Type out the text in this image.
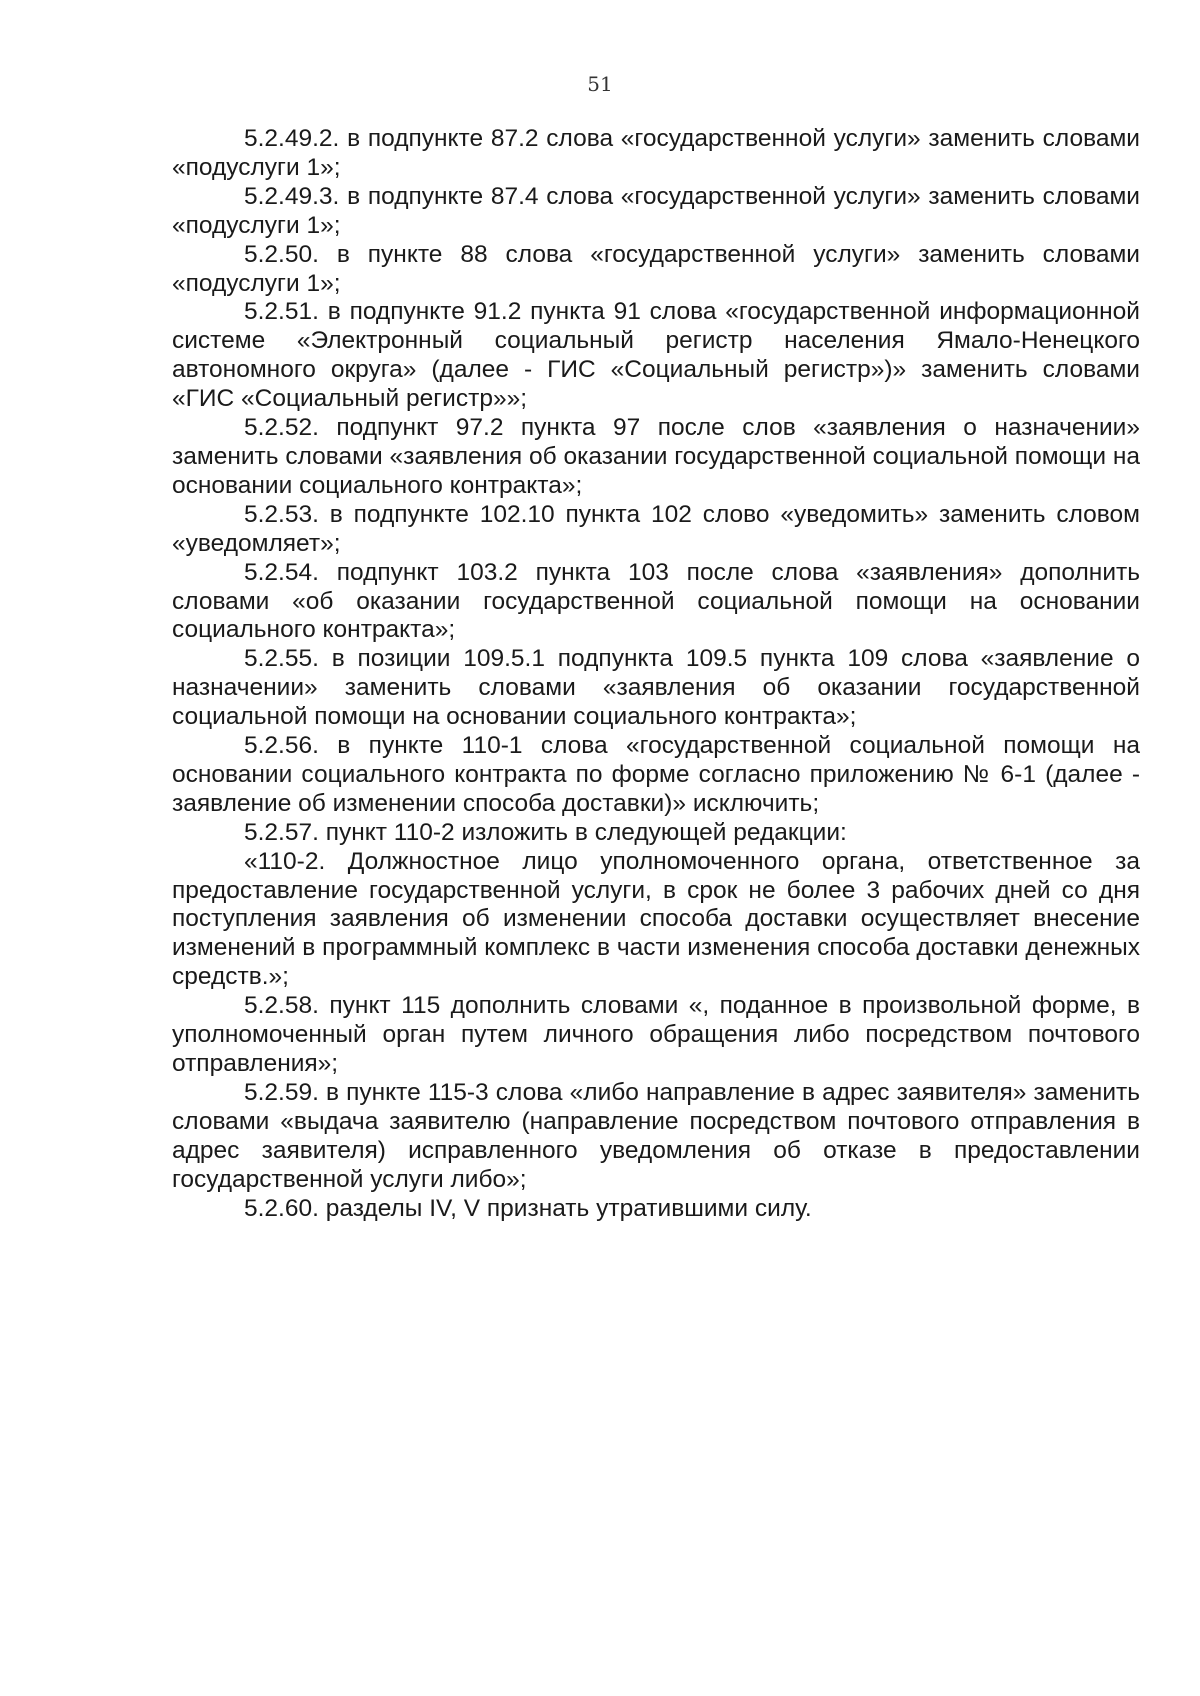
51

5.2.49.2. в подпункте 87.2 слова «государственной услуги» заменить словами «подуслуги 1»;

5.2.49.3. в подпункте 87.4 слова «государственной услуги» заменить словами «подуслуги 1»;

5.2.50. в пункте 88 слова «государственной услуги» заменить словами «подуслуги 1»;

5.2.51. в подпункте 91.2 пункта 91 слова «государственной информационной системе «Электронный социальный регистр населения Ямало-Ненецкого автономного округа» (далее - ГИС «Социальный регистр»)» заменить словами «ГИС «Социальный регистр»»;

5.2.52. подпункт 97.2 пункта 97 после слов «заявления о назначении» заменить словами «заявления об оказании государственной социальной помощи на основании социального контракта»;

5.2.53. в подпункте 102.10 пункта 102 слово «уведомить» заменить словом «уведомляет»;

5.2.54. подпункт 103.2 пункта 103 после слова «заявления» дополнить словами «об оказании государственной социальной помощи на основании социального контракта»;

5.2.55. в позиции 109.5.1 подпункта 109.5 пункта 109 слова «заявление о назначении» заменить словами «заявления об оказании государственной социальной помощи на основании социального контракта»;

5.2.56. в пункте 110-1 слова «государственной социальной помощи на основании социального контракта по форме согласно приложению № 6-1 (далее - заявление об изменении способа доставки)» исключить;

5.2.57. пункт 110-2 изложить в следующей редакции:

«110-2. Должностное лицо уполномоченного органа, ответственное за предоставление государственной услуги, в срок не более 3 рабочих дней со дня поступления заявления об изменении способа доставки осуществляет внесение изменений в программный комплекс в части изменения способа доставки денежных средств.»;

5.2.58. пункт 115 дополнить словами «, поданное в произвольной форме, в уполномоченный орган путем личного обращения либо посредством почтового отправления»;

5.2.59. в пункте 115-3 слова «либо направление в адрес заявителя» заменить словами «выдача заявителю (направление посредством почтового отправления в адрес заявителя) исправленного уведомления об отказе в предоставлении государственной услуги либо»;

5.2.60. разделы IV, V признать утратившими силу.
